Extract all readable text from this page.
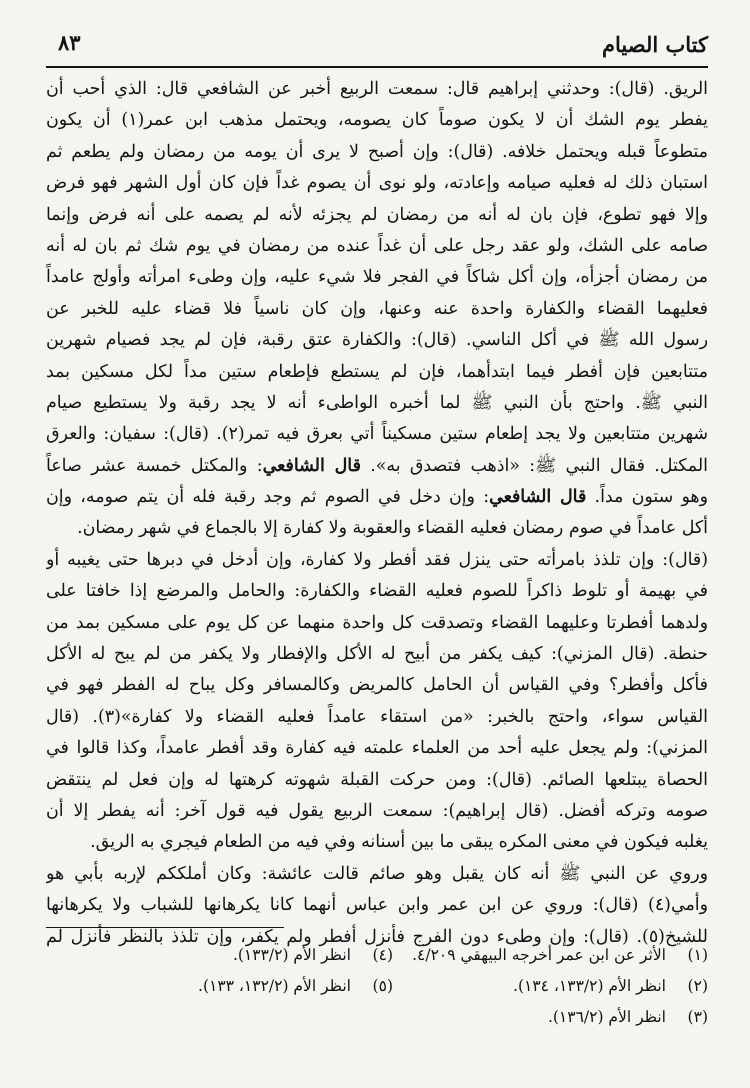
كتاب الصيام
٨٣
الريق. (قال): وحدثني إبراهيم قال: سمعت الربيع أخبر عن الشافعي قال: الذي أحب أن
يفطر يوم الشك أن لا يكون صوماً كان يصومه، ويحتمل مذهب ابن عمر(١) أن يكون
متطوعاً قبله ويحتمل خلافه. (قال): وإن أصبح لا يرى أن يومه من رمضان ولم يطعم ثم
استبان ذلك له فعليه صيامه وإعادته، ولو نوى أن يصوم غداً فإن كان أول الشهر فهو فرض
وإلا فهو تطوع، فإن بان له أنه من رمضان لم يجزئه لأنه لم يصمه على أنه فرض وإنما
صامه على الشك، ولو عقد رجل على أن غداً عنده من رمضان في يوم شك ثم بان له أنه
من رمضان أجزأه، وإن أكل شاكاً في الفجر فلا شيء عليه، وإن وطىء امرأته وأولج عامداً
فعليهما القضاء والكفارة واحدة عنه وعنها، وإن كان ناسياً فلا قضاء عليه للخبر عن
رسول الله ﷺ في أكل الناسي. (قال): والكفارة عتق رقبة، فإن لم يجد فصيام شهرين
متتابعين فإن أفطر فيما ابتدأهما، فإن لم يستطع فإطعام ستين مداً لكل مسكين بمد
النبي ﷺ. واحتج بأن النبي ﷺ لما أخبره الواطىء أنه لا يجد رقبة ولا يستطيع صيام
شهرين متتابعين ولا يجد إطعام ستين مسكيناً أتي بعرق فيه تمر(٢). (قال): سفيان: والعرق
المكتل. فقال النبي ﷺ: «اذهب فتصدق به». قال الشافعي: والمكتل خمسة عشر صاعاً
وهو ستون مداً. قال الشافعي: وإن دخل في الصوم ثم وجد رقبة فله أن يتم صومه، وإن
أكل عامداً في صوم رمضان فعليه القضاء والعقوبة ولا كفارة إلا بالجماع في شهر رمضان.
(قال): وإن تلذذ بامرأته حتى ينزل فقد أفطر ولا كفارة، وإن أدخل في دبرها حتى يغيبه أو
في بهيمة أو تلوط ذاكراً للصوم فعليه القضاء والكفارة: والحامل والمرضع إذا خافتا على
ولدهما أفطرتا وعليهما القضاء وتصدقت كل واحدة منهما عن كل يوم على مسكين بمد من
حنطة. (قال المزني): كيف يكفر من أبيح له الأكل والإفطار ولا يكفر من لم يبح له الأكل
فأكل وأفطر؟ وفي القياس أن الحامل كالمريض وكالمسافر وكل يباح له الفطر فهو في
القياس سواء، واحتج بالخبر: «من استقاء عامداً فعليه القضاء ولا كفارة»(٣). (قال
المزني): ولم يجعل عليه أحد من العلماء علمته فيه كفارة وقد أفطر عامداً، وكذا قالوا في
الحصاة يبتلعها الصائم. (قال): ومن حركت القبلة شهوته كرهتها له وإن فعل لم ينتقض
صومه وتركه أفضل. (قال إبراهيم): سمعت الربيع يقول فيه قول آخر: أنه يفطر إلا أن
يغلبه فيكون في معنى المكره يبقى ما بين أسنانه وفي فيه من الطعام فيجري به الريق.
وروي عن النبي ﷺ أنه كان يقبل وهو صائم قالت عائشة: وكان أملككم لإربه بأبي هو
وأمي(٤) (قال): وروي عن ابن عمر وابن عباس أنهما كانا يكرهانها للشباب ولا يكرهانها
للشيخ(٥). (قال): وإن وطىء دون الفرج فأنزل أفطر ولم يكفر، وإن تلذذ بالنظر فأنزل لم
(١)الأثر عن ابن عمر أخرجه البيهقي ٤/٢٠٩.
(٤)انظر الأم (١٣٣/٢).
(٢)انظر الأم (١٣٣/٢، ١٣٤).
(٥)انظر الأم (١٣٢/٢، ١٣٣).
(٣)انظر الأم (١٣٦/٢).
